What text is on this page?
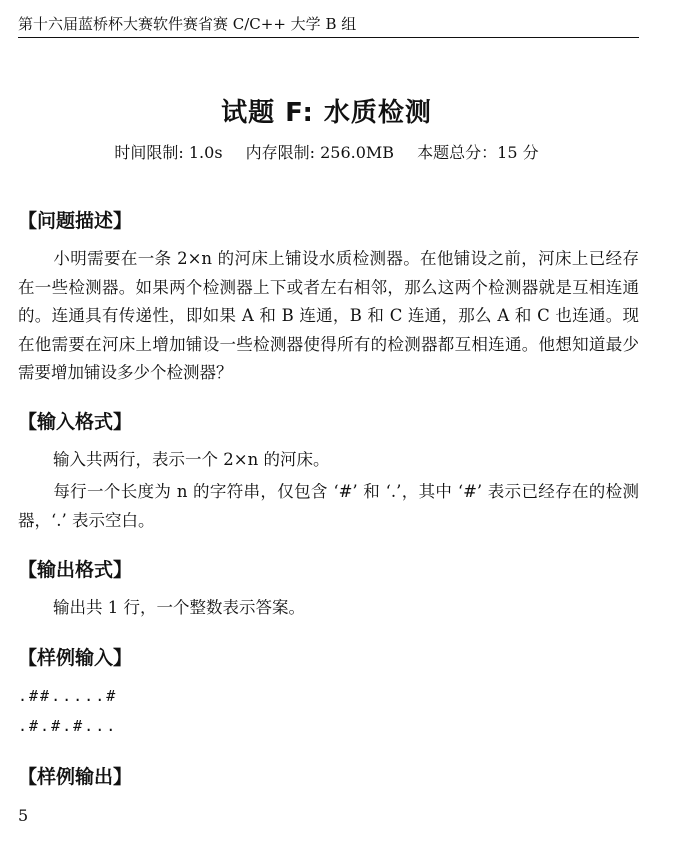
第十六届蓝桥杯大赛软件赛省赛 C/C++ 大学 B 组
试题 F: 水质检测
时间限制: 1.0s 内存限制: 256.0MB 本题总分：15 分
【问题描述】
小明需要在一条 2×n 的河床上铺设水质检测器。在他铺设之前，河床上已经存在一些检测器。如果两个检测器上下或者左右相邻，那么这两个检测器就是互相连通的。连通具有传递性，即如果 A 和 B 连通，B 和 C 连通，那么 A 和 C 也连通。现在他需要在河床上增加铺设一些检测器使得所有的检测器都互相连通。他想知道最少需要增加铺设多少个检测器？
【输入格式】
输入共两行，表示一个 2×n 的河床。
每行一个长度为 n 的字符串，仅包含 ‘#’ 和 ‘.’，其中 ‘#’ 表示已经存在的检测器，‘.’ 表示空白。
【输出格式】
输出共 1 行，一个整数表示答案。
【样例输入】
.##.....#
.#.#.#...
【样例输出】
5
